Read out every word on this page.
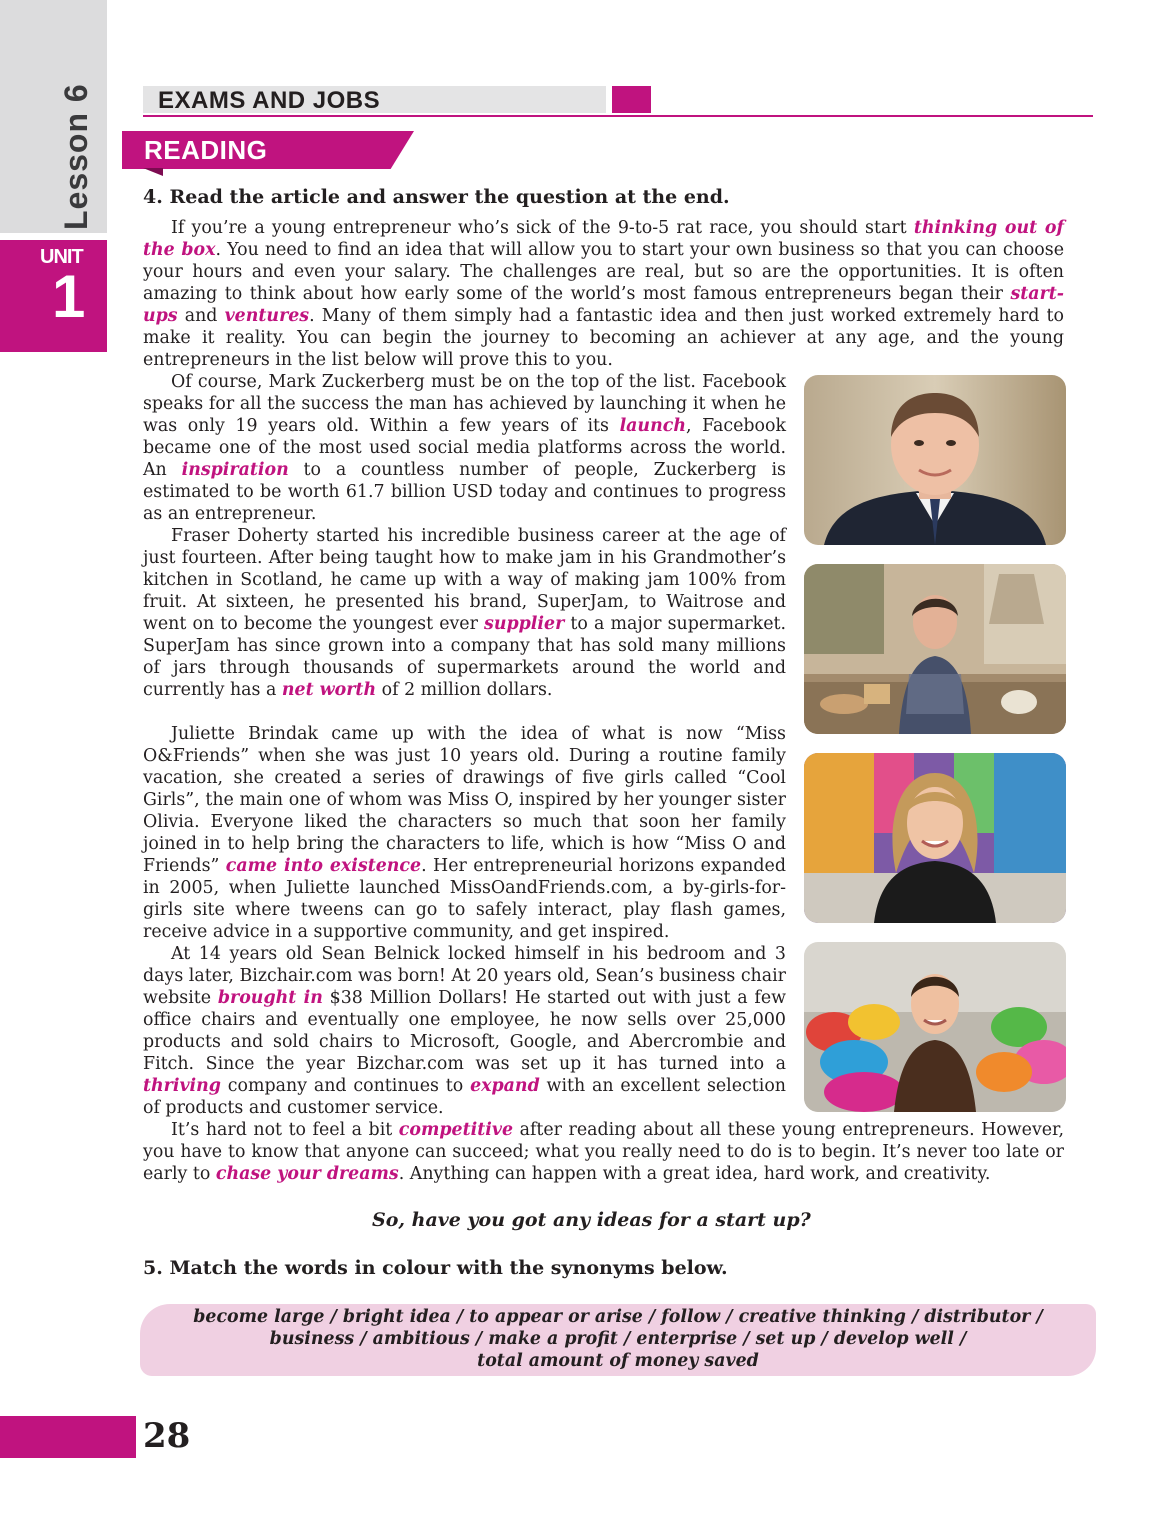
Lesson 6
UNIT
1
EXAMS AND JOBS
READING
4. Read the article and answer the question at the end.

If you’re a young entrepreneur who’s sick of the 9-to-5 rat race, you should start thinking out of the box. You need to find an idea that will allow you to start your own business so that you can choose your hours and even your salary. The challenges are real, but so are the opportunities. It is often amazing to think about how early some of the world’s most famous entrepreneurs began their start-ups and ventures. Many of them simply had a fantastic idea and then just worked extremely hard to make it reality. You can begin the journey to becoming an achiever at any age, and the young entrepreneurs in the list below will prove this to you.

Of course, Mark Zuckerberg must be on the top of the list. Facebook speaks for all the success the man has achieved by launching it when he was only 19 years old. Within a few years of its launch, Facebook became one of the most used social media platforms across the world. An inspiration to a countless number of people, Zuckerberg is estimated to be worth 61.7 billion USD today and continues to progress as an entrepreneur.

Fraser Doherty started his incredible business career at the age of just fourteen. After being taught how to make jam in his Grandmother’s kitchen in Scotland, he came up with a way of making jam 100% from fruit. At sixteen, he presented his brand, SuperJam, to Waitrose and went on to become the youngest ever supplier to a major supermarket. SuperJam has since grown into a company that has sold many millions of jars through thousands of supermarkets around the world and currently has a net worth of 2 million dollars.

Juliette Brindak came up with the idea of what is now “Miss O&Friends” when she was just 10 years old. During a routine family vacation, she created a series of drawings of five girls called “Cool Girls”, the main one of whom was Miss O, inspired by her younger sister Olivia. Everyone liked the characters so much that soon her family joined in to help bring the characters to life, which is how “Miss O and Friends” came into existence. Her entrepreneurial horizons expanded in 2005, when Juliette launched MissOandFriends.com, a by-girls-for-girls site where tweens can go to safely interact, play flash games, receive advice in a supportive community, and get inspired.

At 14 years old Sean Belnick locked himself in his bedroom and 3 days later, Bizchair.com was born! At 20 years old, Sean’s business chair website brought in $38 Million Dollars! He started out with just a few office chairs and eventually one employee, he now sells over 25,000 products and sold chairs to Microsoft, Google, and Abercrombie and Fitch. Since the year Bizchar.com was set up it has turned into a thriving company and continues to expand with an excellent selection of products and customer service.

It’s hard not to feel a bit competitive after reading about all these young entrepreneurs. However, you have to know that anyone can succeed; what you really need to do is to begin. It’s never too late or early to chase your dreams. Anything can happen with a great idea, hard work, and creativity.

So, have you got any ideas for a start up?
5. Match the words in colour with the synonyms below.
become large / bright idea / to appear or arise / follow / creative thinking / distributor /
business / ambitious / make a profit / enterprise / set up / develop well /
total amount of money saved
28
